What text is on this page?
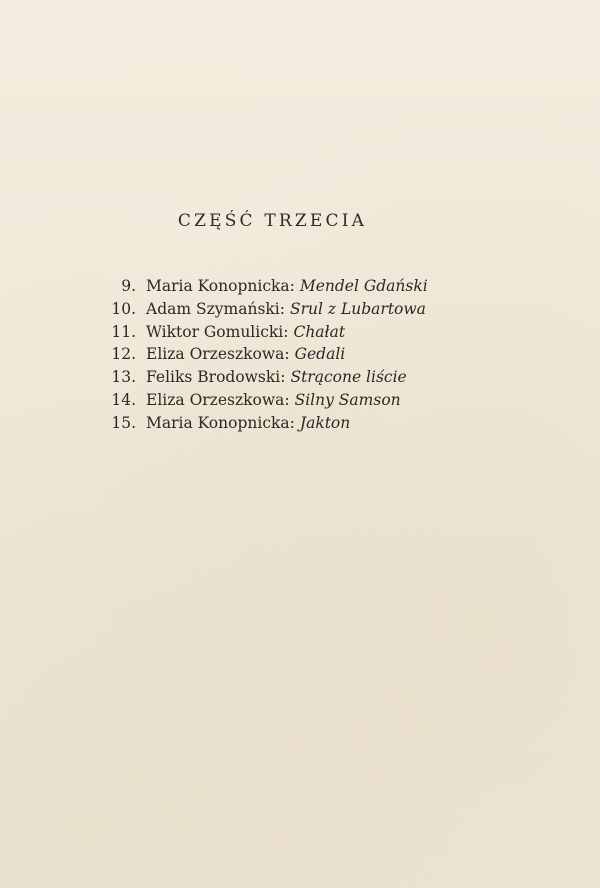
CZĘŚĆ TRZECIA
9. Maria Konopnicka: Mendel Gdański
10. Adam Szymański: Srul z Lubartowa
11. Wiktor Gomulicki: Chałat
12. Eliza Orzeszkowa: Gedali
13. Feliks Brodowski: Strącone liście
14. Eliza Orzeszkowa: Silny Samson
15. Maria Konopnicka: Jakton
